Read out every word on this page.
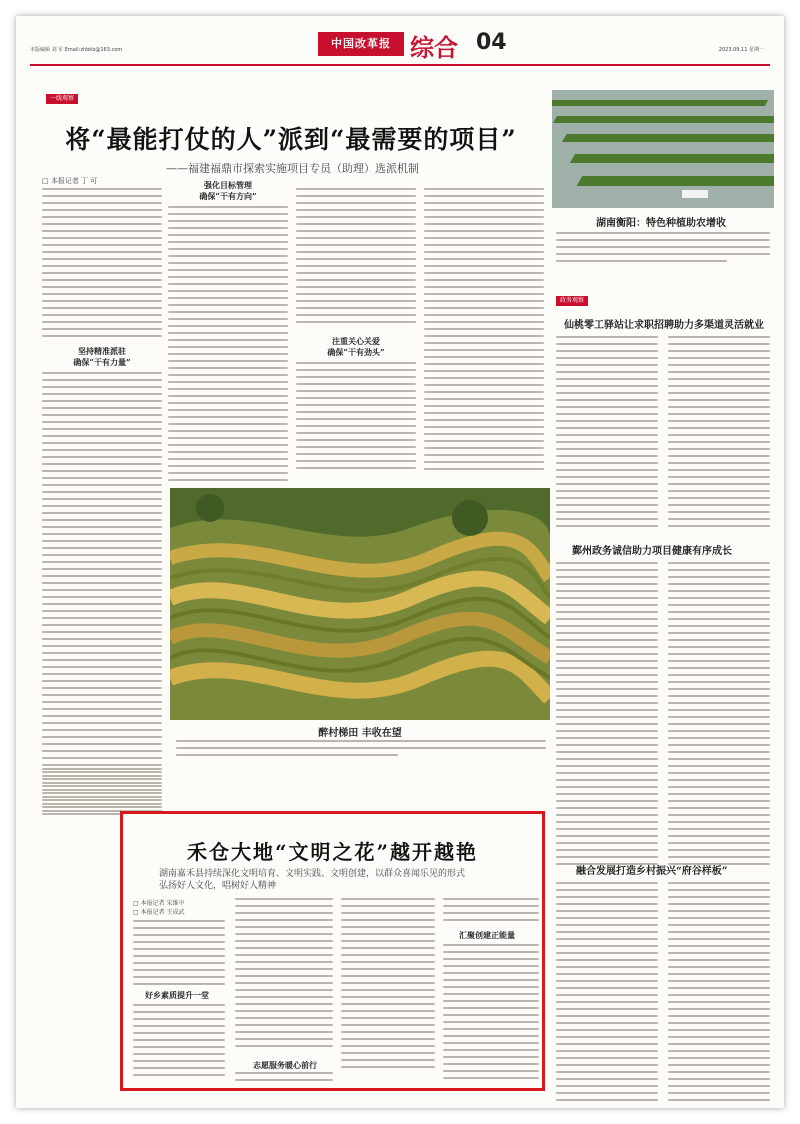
本版编辑 刘 军 Email:zhbkb@163.com	中国改革报 综合 04	2023.09.11 星期一
一线观察
将“最能打仗的人”派到“最需要的项目”
——福建福鼎市探索实施项目专员（助理）选派机制
□ 本报记者 丁 可
坚持精准派驻
确保“干有力量”
强化目标管理
确保“干有方向”
注重关心关爱
确保“干有劲头”
醉村梯田 丰收在望
湖南衡阳：特色种植助农增收
政务观察
仙桃零工驿站让求职招聘助力多渠道灵活就业
鄞州政务诚信助力项目健康有序成长
融合发展打造乡村振兴“府谷样板”
禾仓大地“文明之花”越开越艳
湖南嘉禾县持续深化文明培育、文明实践、文明创建，以群众喜闻乐见的形式
弘扬好人文化，唱树好人精神
□ 本报记者 宋维中
□ 本报记者 王成武
好乡素质提升一堂
志愿服务暖心前行
汇聚创建正能量
